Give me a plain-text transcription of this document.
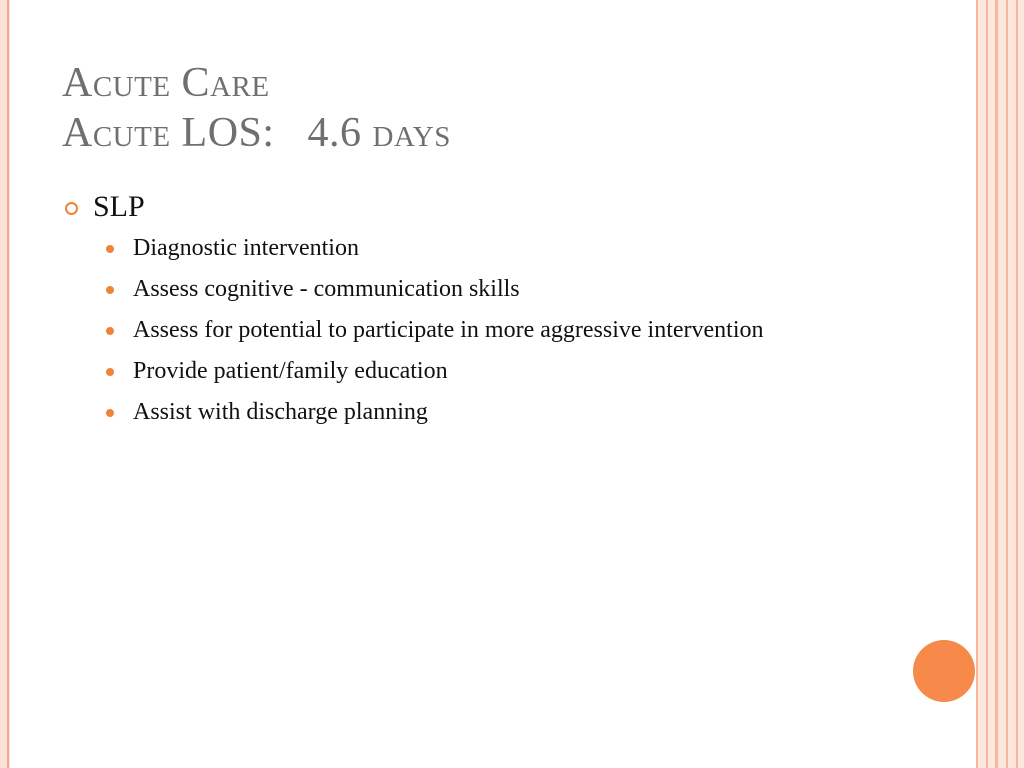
Acute Care
Acute LOS:   4.6 days
SLP
Diagnostic intervention
Assess cognitive - communication skills
Assess for potential to participate in more aggressive intervention
Provide patient/family education
Assist with discharge planning
